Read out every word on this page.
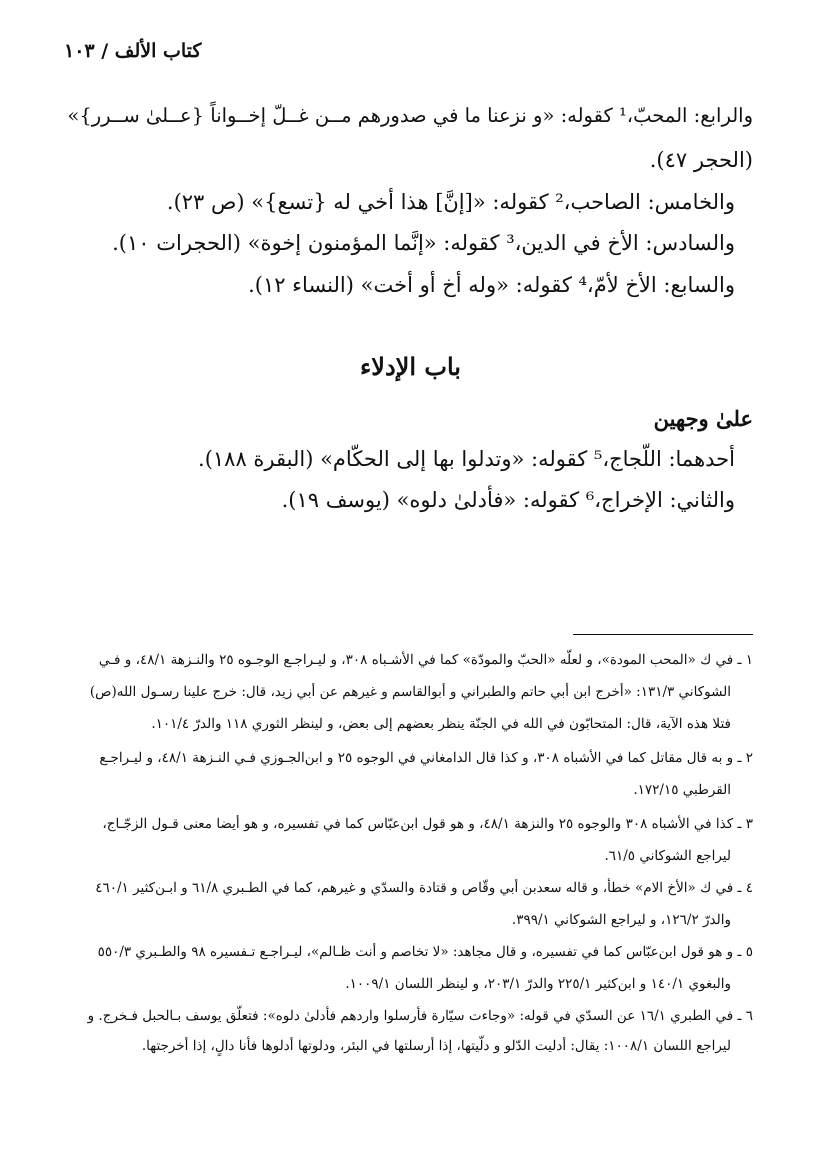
كتاب الألف / ١٠٣
والرابع: المحبّ،¹ كقوله: «و نزعنا ما في صدورهم مــن غــلّ إخــواناً {عــلىٰ ســرر}»
(الحجر ٤٧).
والخامس: الصاحب،² كقوله: «[إنَّ] هذا أخي له {تسع}» (ص ٢٣).
والسادس: الأخ في الدين،³ كقوله: «إنَّما المؤمنون إخوة» (الحجرات ١٠).
والسابع: الأخ لأمّ،⁴ كقوله: «وله أخ أو أخت» (النساء ١٢).
باب الإدلاء
علىٰ وجهين
أحدهما: اللّجاج،⁵ كقوله: «وتدلوا بها إلى الحكّام» (البقرة ١٨٨).
والثاني: الإخراج،⁶ كقوله: «فأدلىٰ دلوه» (يوسف ١٩).
١ ـ في ك «المحب المودة»، و لعلّه «الحبّ والمودّة» كما في الأشـباه ٣٠٨، و ليـراجـع الوجـوه ٢٥ والنـزهة ٤٨/١، و فـي
الشوكاني ١٣١/٣: «أخرج ابن أبي حاتم والطبراني و أبوالقاسم و غيرهم عن أبي زيد، قال: خرج علينا رسـول الله(ص)
فتلا هذه الآية، قال: المتحابّون في الله في الجنّة ينظر بعضهم إلى بعض، و لينظر الثوري ١١٨ والدرّ ١٠١/٤.
٢ ـ و به قال مقاتل كما في الأشباه ٣٠٨، و كذا قال الدامغاني في الوجوه ٢٥ و ابن‌الجـوزي فـي النـزهة ٤٨/١، و ليـراجـع
القرطبي ١٧٢/١٥.
٣ ـ كذا في الأشباه ٣٠٨ والوجوه ٢٥ والنزهة ٤٨/١، و هو قول ابن‌عبّاس كما في تفسيره، و هو أيضا معنى قـول الزجّـاج،
ليراجع الشوكاني ٦١/٥.
٤ ـ في ك «الأخ الام» خطأ، و قاله سعدبن أبي وقّاص و قتادة والسدّي و غيرهم، كما في الطـبري ٦١/٨ و ابـن‌كثير ٤٦٠/١
والدرّ ١٢٦/٢، و ليراجع الشوكاني ٣٩٩/١.
٥ ـ و هو قول ابن‌عبّاس كما في تفسيره، و قال مجاهد: «لا تخاصم و أنت ظـالم»، ليـراجـع تـفسيره ٩٨ والطـبري ٥٥٠/٣
والبغوي ١٤٠/١ و ابن‌كثير ٢٢٥/١ والدرّ ٢٠٣/١، و لينظر اللسان ١٠٠٩/١.
٦ ـ في الطبري ١٦/١ عن السدّي في قوله: «وجاءت سيّارة فأرسلوا واردهم فأدلىٰ دلوه»: فتعلّق يوسف بـالحبل فـخرج. و
ليراجع اللسان ١٠٠٨/١: يقال: أدليت الدّلو و دلّيتها، إذا أرسلتها في البئر، ودلوتها أدلوها فأنا دالٍ، إذا أخرجتها.
